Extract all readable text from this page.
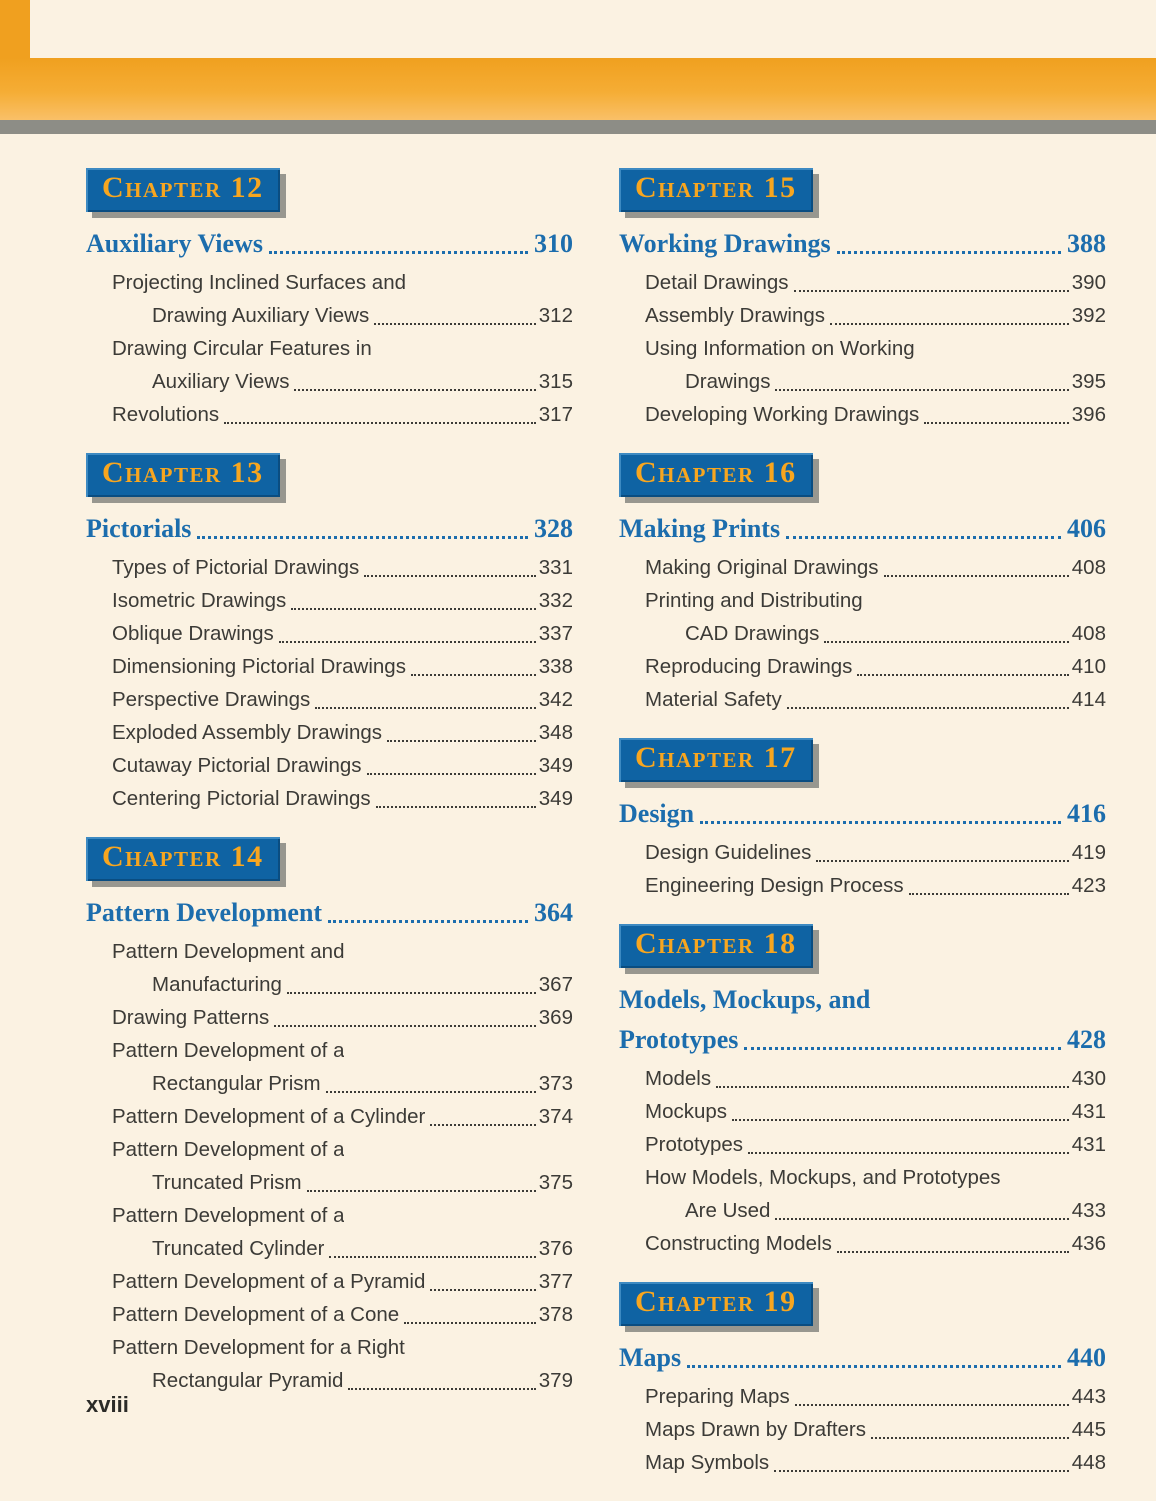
Chapter 12
Auxiliary Views	310
Projecting Inclined Surfaces and
Drawing Auxiliary Views	312
Drawing Circular Features in
Auxiliary Views	315
Revolutions	317
Chapter 13
Pictorials	328
Types of Pictorial Drawings	331
Isometric Drawings	332
Oblique Drawings	337
Dimensioning Pictorial Drawings	338
Perspective Drawings	342
Exploded Assembly Drawings	348
Cutaway Pictorial Drawings	349
Centering Pictorial Drawings	349
Chapter 14
Pattern Development	364
Pattern Development and
Manufacturing	367
Drawing Patterns	369
Pattern Development of a
Rectangular Prism	373
Pattern Development of a Cylinder	374
Pattern Development of a
Truncated Prism	375
Pattern Development of a
Truncated Cylinder	376
Pattern Development of a Pyramid	377
Pattern Development of a Cone	378
Pattern Development for a Right
Rectangular Pyramid	379
Chapter 15
Working Drawings	388
Detail Drawings	390
Assembly Drawings	392
Using Information on Working
Drawings	395
Developing Working Drawings	396
Chapter 16
Making Prints	406
Making Original Drawings	408
Printing and Distributing
CAD Drawings	408
Reproducing Drawings	410
Material Safety	414
Chapter 17
Design	416
Design Guidelines	419
Engineering Design Process	423
Chapter 18
Models, Mockups, and
Prototypes	428
Models	430
Mockups	431
Prototypes	431
How Models, Mockups, and Prototypes
Are Used	433
Constructing Models	436
Chapter 19
Maps	440
Preparing Maps	443
Maps Drawn by Drafters	445
Map Symbols	448
xviii
